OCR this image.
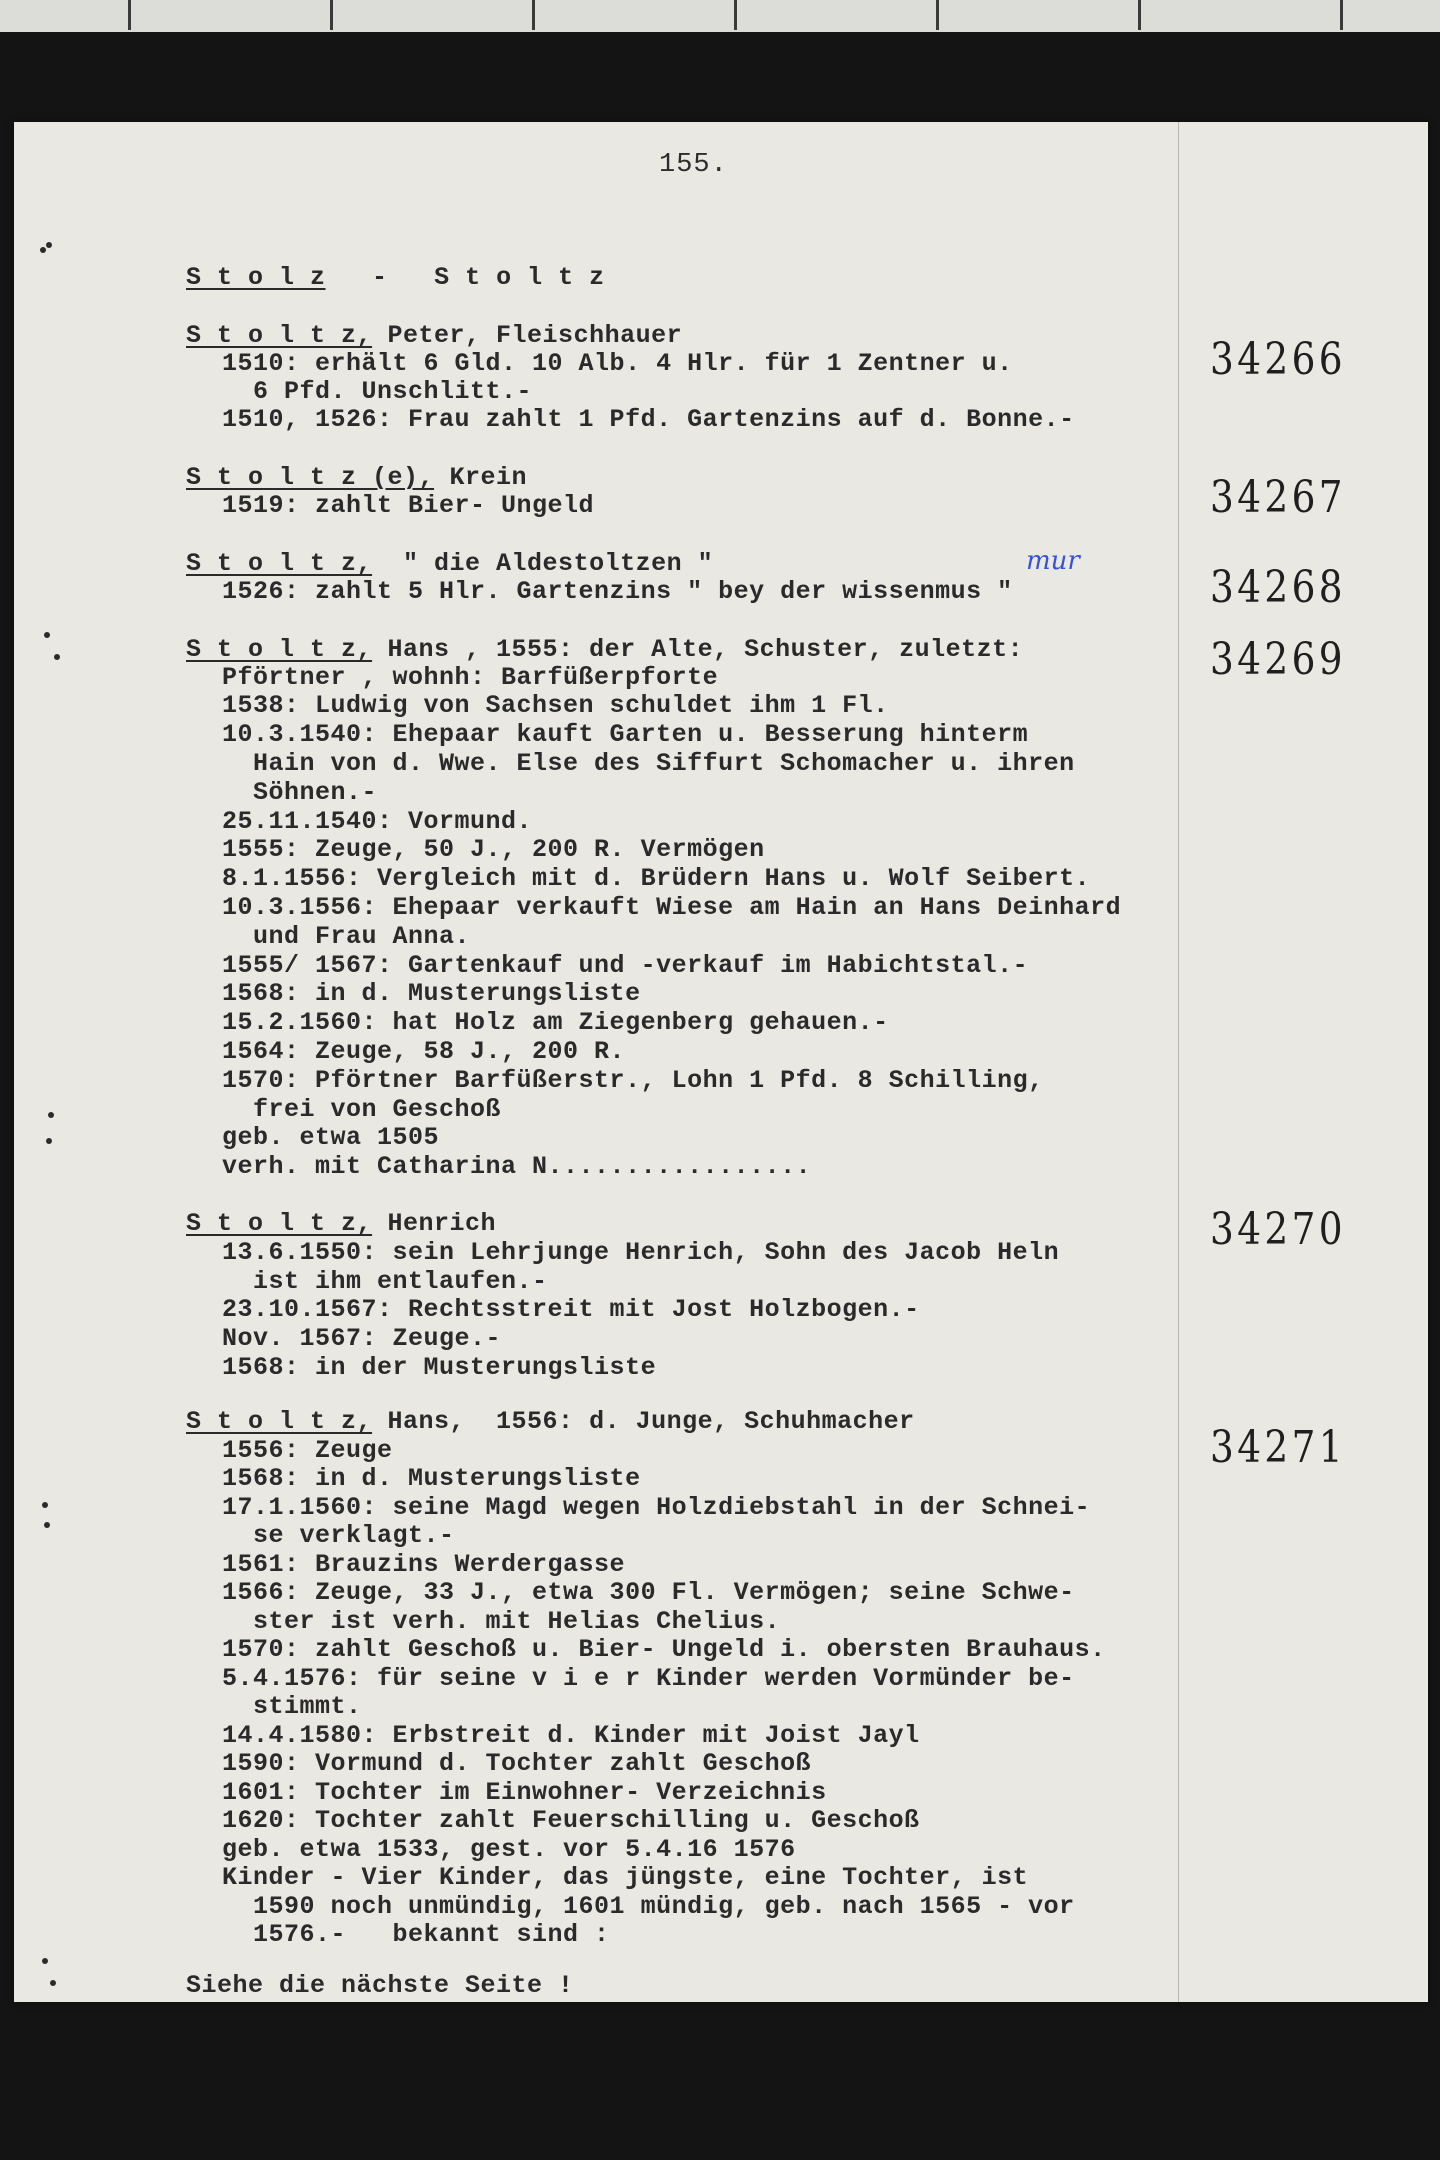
155.
S t o l z - S t o l t z
34266
S t o l t z, Peter, Fleischhauer
1510: erhält 6 Gld. 10 Alb. 4 Hlr. für 1 Zentner u.
6 Pfd. Unschlitt.-
1510, 1526: Frau zahlt 1 Pfd. Gartenzins auf d. Bonne.-
34267
S t o l t z (e), Krein
1519: zahlt Bier- Ungeld
34268
S t o l t z,  " die Aldestoltzen "
1526: zahlt 5 Hlr. Gartenzins " bey der wissenmus "
mur
34269
S t o l t z, Hans , 1555: der Alte, Schuster, zuletzt:
Pförtner , wohnh: Barfüßerpforte
1538: Ludwig von Sachsen schuldet ihm 1 Fl.
10.3.1540: Ehepaar kauft Garten u. Besserung hinterm
Hain von d. Wwe. Else des Siffurt Schomacher u. ihren
Söhnen.-
25.11.1540: Vormund.
1555: Zeuge, 50 J., 200 R. Vermögen
8.1.1556: Vergleich mit d. Brüdern Hans u. Wolf Seibert.
10.3.1556: Ehepaar verkauft Wiese am Hain an Hans Deinhard
und Frau Anna.
1555/ 1567: Gartenkauf und -verkauf im Habichtstal.-
1568: in d. Musterungsliste
15.2.1560: hat Holz am Ziegenberg gehauen.-
1564: Zeuge, 58 J., 200 R.
1570: Pförtner Barfüßerstr., Lohn 1 Pfd. 8 Schilling,
frei von Geschoß
geb. etwa 1505
verh. mit Catharina N.................
34270
S t o l t z, Henrich
13.6.1550: sein Lehrjunge Henrich, Sohn des Jacob Heln
ist ihm entlaufen.-
23.10.1567: Rechtsstreit mit Jost Holzbogen.-
Nov. 1567: Zeuge.-
1568: in der Musterungsliste
34271
S t o l t z, Hans,  1556: d. Junge, Schuhmacher
1556: Zeuge
1568: in d. Musterungsliste
17.1.1560: seine Magd wegen Holzdiebstahl in der Schnei-
se verklagt.-
1561: Brauzins Werdergasse
1566: Zeuge, 33 J., etwa 300 Fl. Vermögen; seine Schwe-
ster ist verh. mit Helias Chelius.
1570: zahlt Geschoß u. Bier- Ungeld i. obersten Brauhaus.
5.4.1576: für seine v i e r Kinder werden Vormünder be-
stimmt.
14.4.1580: Erbstreit d. Kinder mit Joist Jayl
1590: Vormund d. Tochter zahlt Geschoß
1601: Tochter im Einwohner- Verzeichnis
1620: Tochter zahlt Feuerschilling u. Geschoß
geb. etwa 1533, gest. vor 5.4.16 1576
Kinder - Vier Kinder, das jüngste, eine Tochter, ist
1590 noch unmündig, 1601 mündig, geb. nach 1565 - vor
1576.-   bekannt sind :
Siehe die nächste Seite !
